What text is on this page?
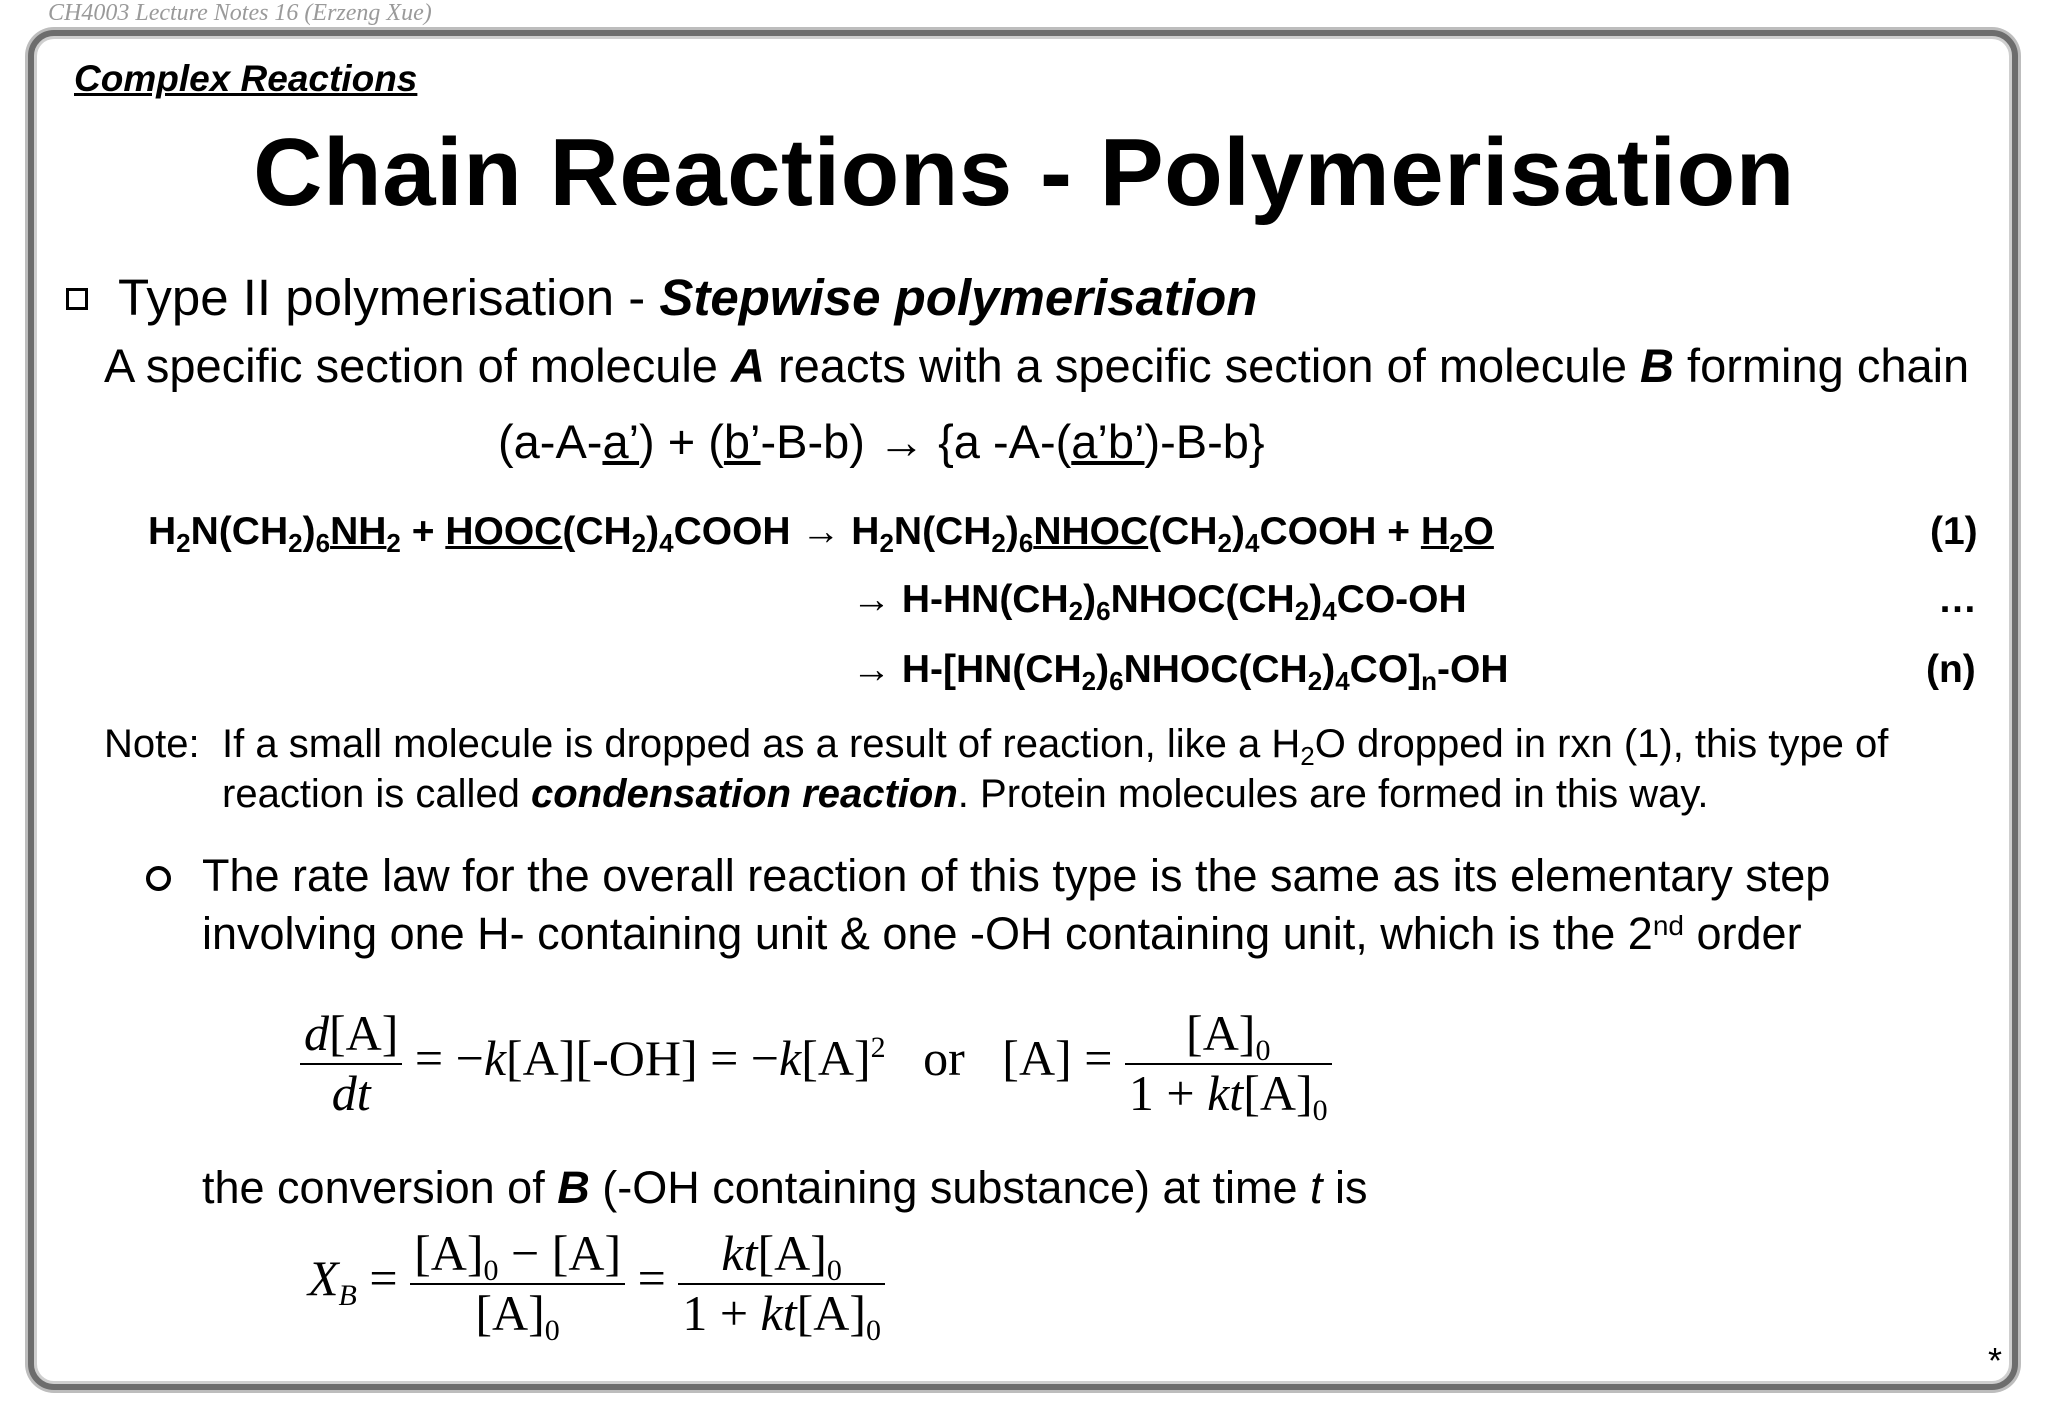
CH4003 Lecture Notes 16 (Erzeng Xue)
Complex Reactions
Chain Reactions - Polymerisation
Type II polymerisation - Stepwise polymerisation
A specific section of molecule A reacts with a specific section of molecule B forming chain
(a-A-a’) + (b’-B-b) → {a -A-(a’b’)-B-b}
$H_2N(CH_2)_6NH_2$ + $HOOC(CH_2)_4COOH$ → $H_2N(CH_2)_6NHOC(CH_2)_4COOH + H_2O$	(1)
→ $H-HN(CH_2)_6NHOC(CH_2)_4CO-OH$	…
→ $H-[HN(CH_2)_6NHOC(CH_2)_4CO]_n-OH$	(n)
Note: If a small molecule is dropped as a result of reaction, like a $H_2O$ dropped in rxn (1), this type of
reaction is called condensation reaction. Protein molecules are formed in this way.
The rate law for the overall reaction of this type is the same as its elementary step
involving one H- containing unit & one -OH containing unit, which is the 2nd order
$\frac{d[A]}{dt} = -k[A][-OH] = -k[A]^2$   or   $[A] = \frac{[A]_0}{1 + kt[A]_0}$
the conversion of B (-OH containing substance) at time t is
$X_B = \frac{[A]_0 - [A]}{[A]_0} = \frac{kt[A]_0}{1 + kt[A]_0}$
*
